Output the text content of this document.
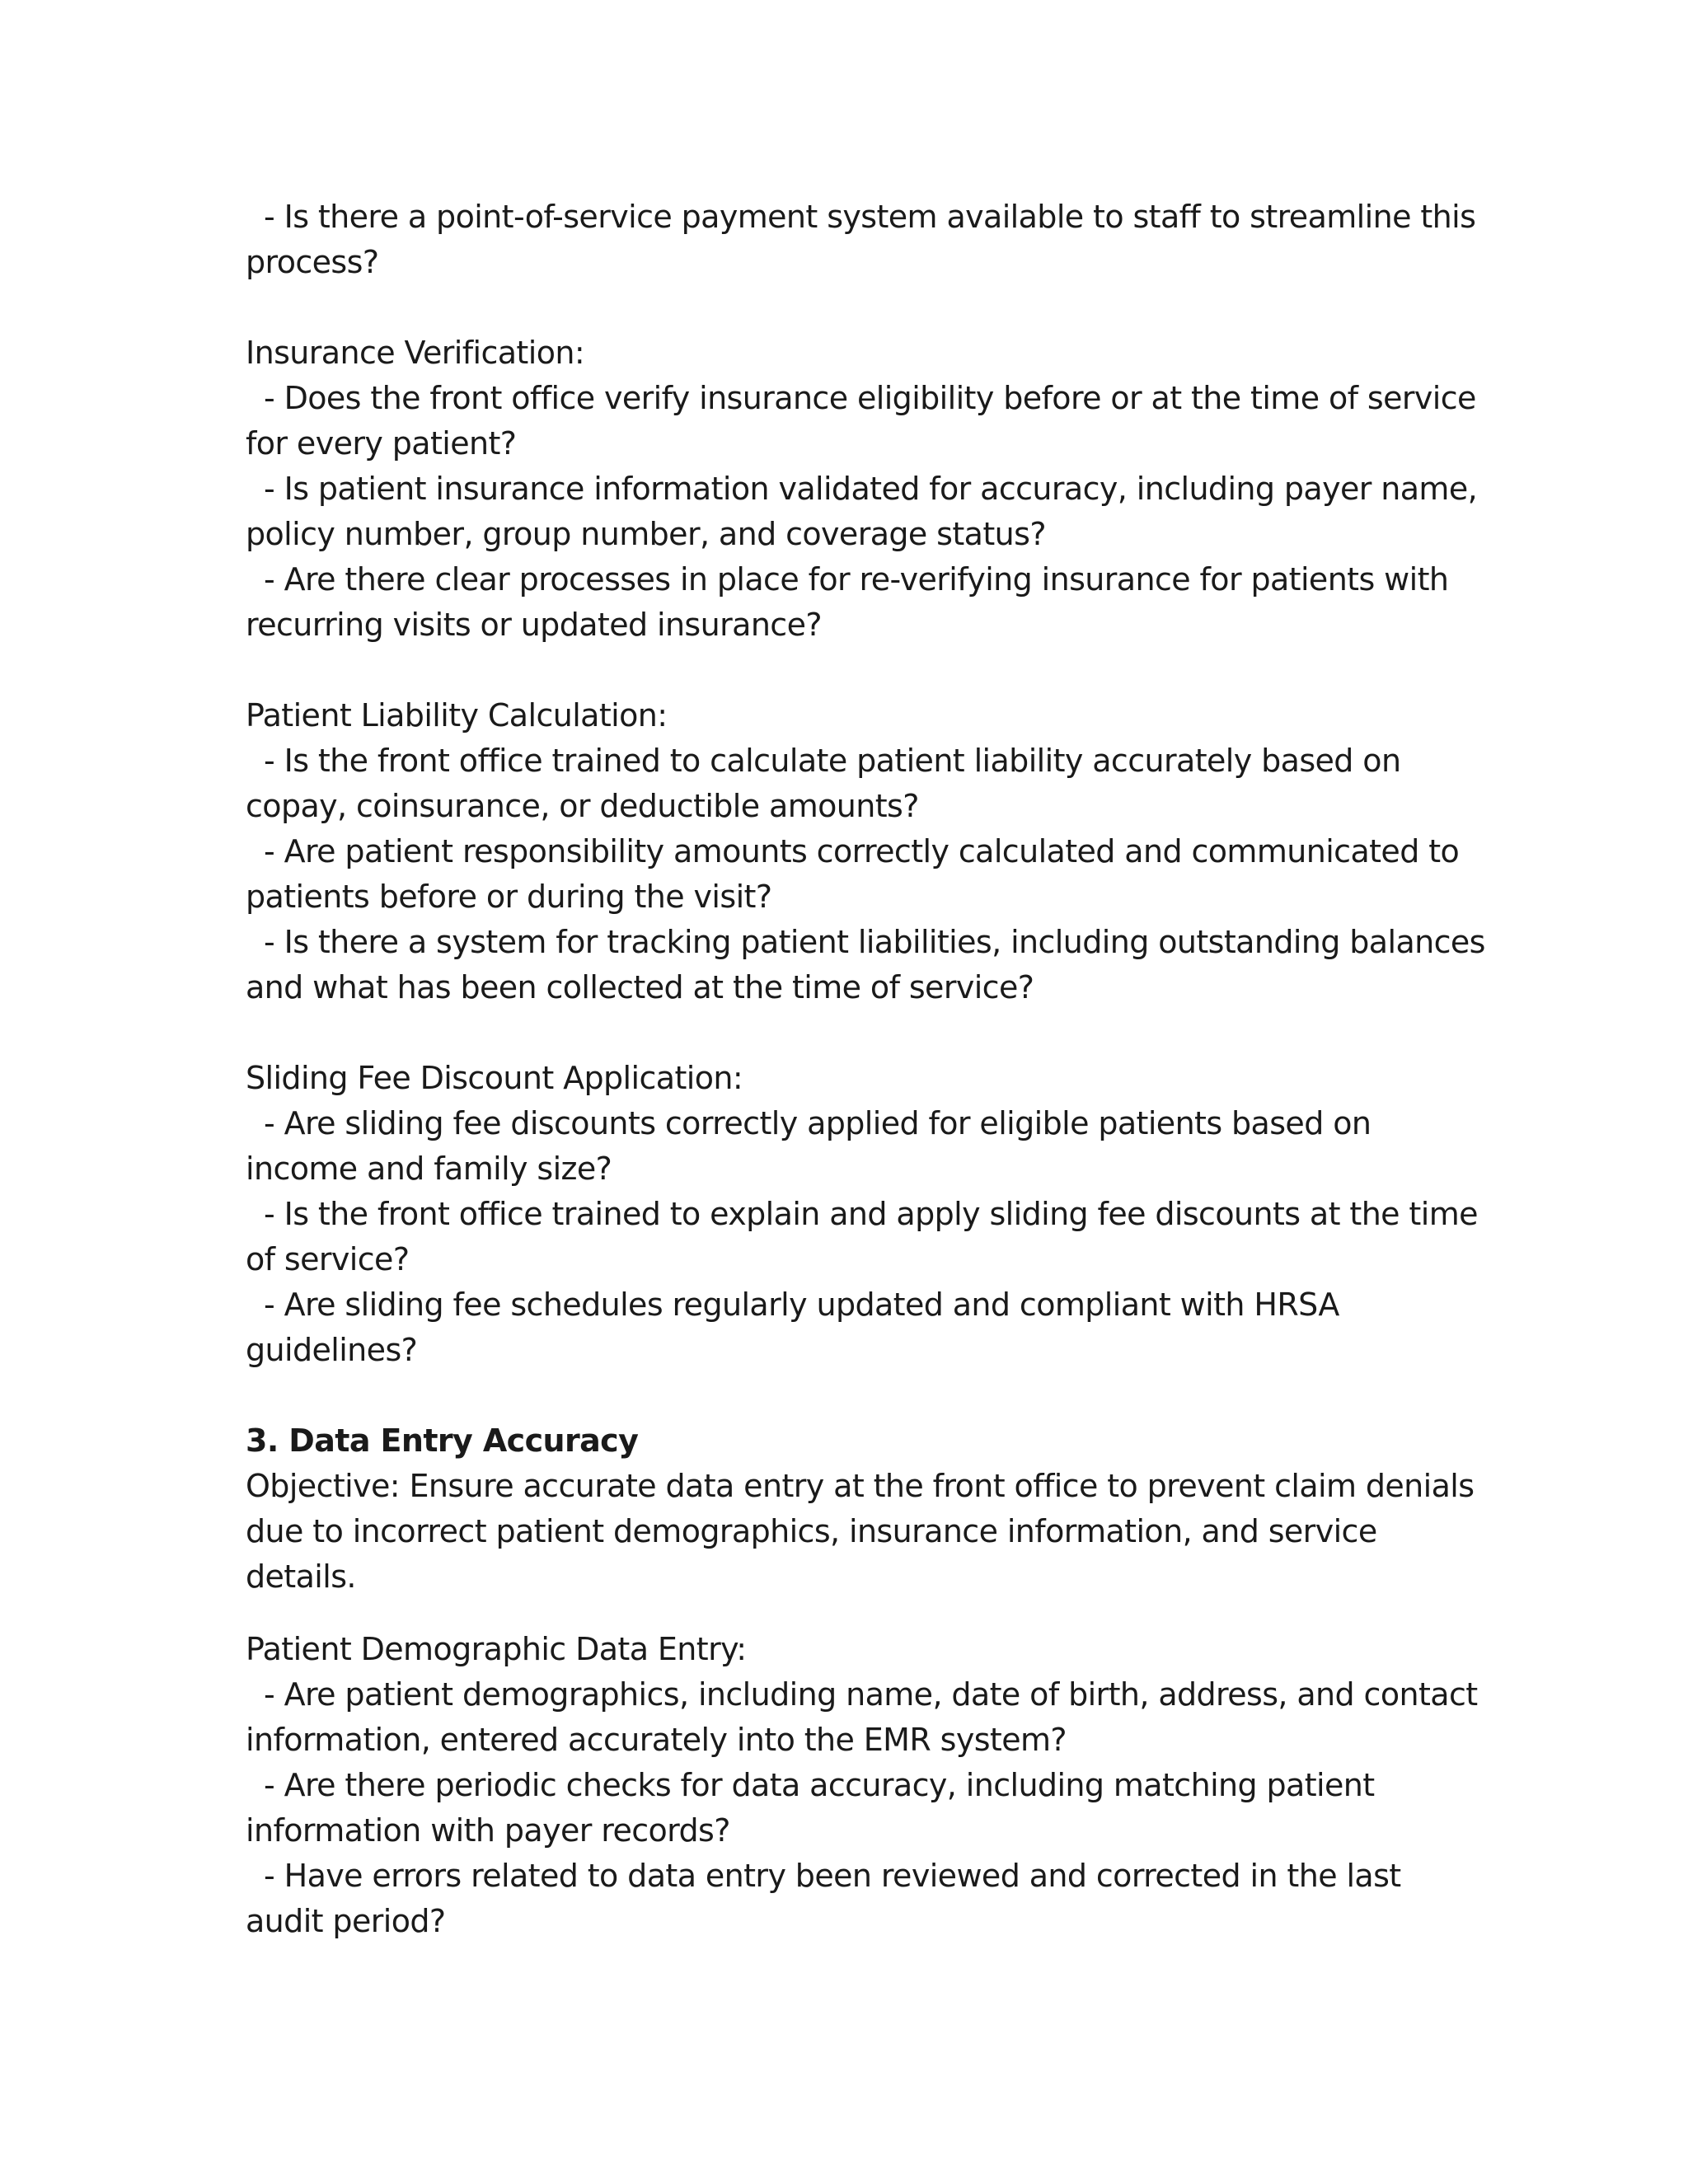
- Is there a point-of-service payment system available to staff to streamline this
process?
Insurance Verification:
- Does the front office verify insurance eligibility before or at the time of service
for every patient?
- Is patient insurance information validated for accuracy, including payer name,
policy number, group number, and coverage status?
- Are there clear processes in place for re-verifying insurance for patients with
recurring visits or updated insurance?
Patient Liability Calculation:
- Is the front office trained to calculate patient liability accurately based on
copay, coinsurance, or deductible amounts?
- Are patient responsibility amounts correctly calculated and communicated to
patients before or during the visit?
- Is there a system for tracking patient liabilities, including outstanding balances
and what has been collected at the time of service?
Sliding Fee Discount Application:
- Are sliding fee discounts correctly applied for eligible patients based on
income and family size?
- Is the front office trained to explain and apply sliding fee discounts at the time
of service?
- Are sliding fee schedules regularly updated and compliant with HRSA
guidelines?
3. Data Entry Accuracy
Objective: Ensure accurate data entry at the front office to prevent claim denials
due to incorrect patient demographics, insurance information, and service
details.
Patient Demographic Data Entry:
- Are patient demographics, including name, date of birth, address, and contact
information, entered accurately into the EMR system?
- Are there periodic checks for data accuracy, including matching patient
information with payer records?
- Have errors related to data entry been reviewed and corrected in the last
audit period?
